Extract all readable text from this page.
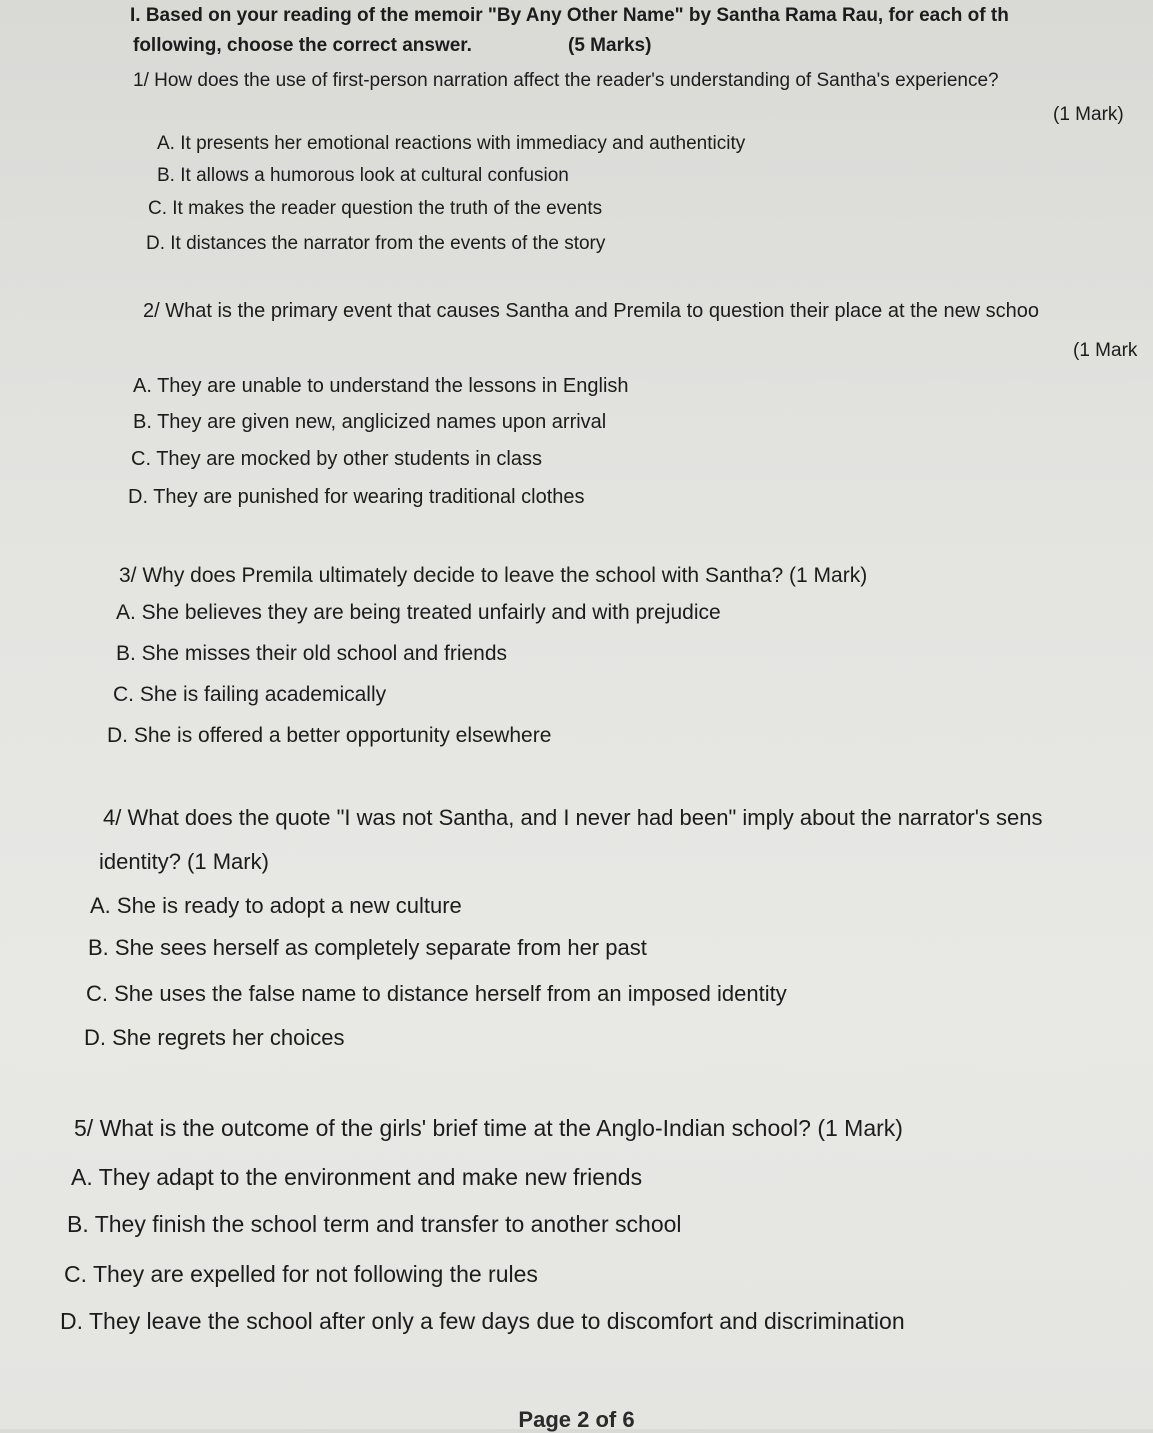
I. Based on your reading of the memoir "By Any Other Name" by Santha Rama Rau, for each of th
following, choose the correct answer.	(5 Marks)
1/ How does the use of first-person narration affect the reader's understanding of Santha's experience?
(1 Mark)
A. It presents her emotional reactions with immediacy and authenticity
B. It allows a humorous look at cultural confusion
C. It makes the reader question the truth of the events
D. It distances the narrator from the events of the story
2/ What is the primary event that causes Santha and Premila to question their place at the new schoo
(1 Mark
A. They are unable to understand the lessons in English
B. They are given new, anglicized names upon arrival
C. They are mocked by other students in class
D. They are punished for wearing traditional clothes
3/ Why does Premila ultimately decide to leave the school with Santha? (1 Mark)
A. She believes they are being treated unfairly and with prejudice
B. She misses their old school and friends
C. She is failing academically
D. She is offered a better opportunity elsewhere
4/ What does the quote "I was not Santha, and I never had been" imply about the narrator's sens
identity? (1 Mark)
A. She is ready to adopt a new culture
B. She sees herself as completely separate from her past
C. She uses the false name to distance herself from an imposed identity
D. She regrets her choices
5/ What is the outcome of the girls' brief time at the Anglo-Indian school? (1 Mark)
A. They adapt to the environment and make new friends
B. They finish the school term and transfer to another school
C. They are expelled for not following the rules
D. They leave the school after only a few days due to discomfort and discrimination
Page 2 of 6
